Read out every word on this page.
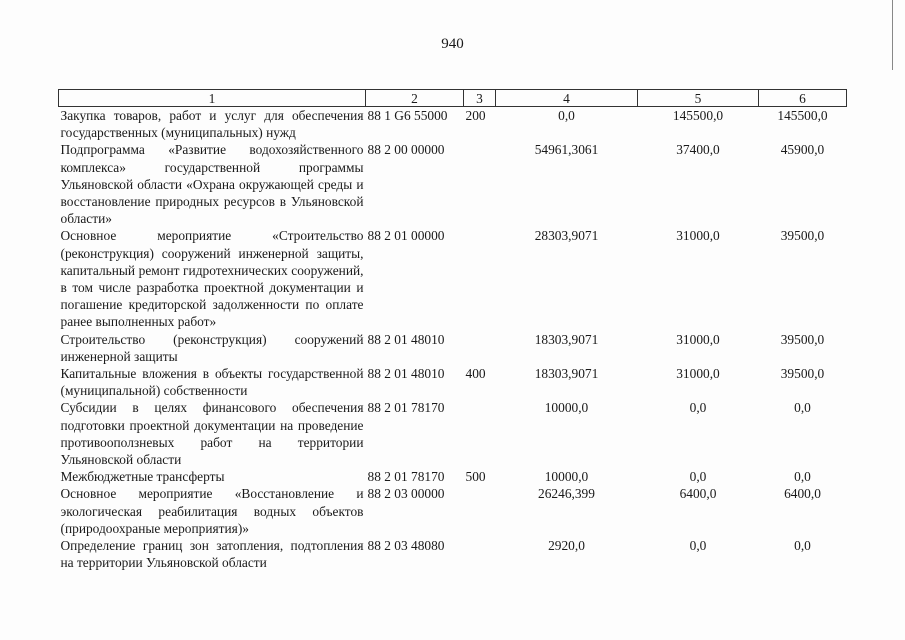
940
1	2	3	4	5	6
Закупка товаров, работ и услуг для обеспечения государственных (муниципальных) нужд	88 1 G6 55000	200	0,0	145500,0	145500,0
Подпрограмма «Развитие водохозяйственного комплекса» государственной программы Ульяновской области «Охрана окружающей среды и восстановление природных ресурсов в Ульяновской области»	88 2 00 00000		54961,3061	37400,0	45900,0
Основное мероприятие «Строительство (реконструкция) сооружений инженерной защиты, капитальный ремонт гидротехнических сооружений, в том числе разработка проектной документации и погашение кредиторской задолженности по оплате ранее выполненных работ»	88 2 01 00000		28303,9071	31000,0	39500,0
Строительство (реконструкция) сооружений инженерной защиты	88 2 01 48010		18303,9071	31000,0	39500,0
Капитальные вложения в объекты государственной (муниципальной) собственности	88 2 01 48010	400	18303,9071	31000,0	39500,0
Субсидии в целях финансового обеспечения подготовки проектной документации на проведение противооползневых работ на территории Ульяновской области	88 2 01 78170		10000,0	0,0	0,0
Межбюджетные трансферты	88 2 01 78170	500	10000,0	0,0	0,0
Основное мероприятие «Восстановление и экологическая реабилитация водных объектов (природоохраные мероприятия)»	88 2 03 00000		26246,399	6400,0	6400,0
Определение границ зон затопления, подтопления на территории Ульяновской области	88 2 03 48080		2920,0	0,0	0,0
